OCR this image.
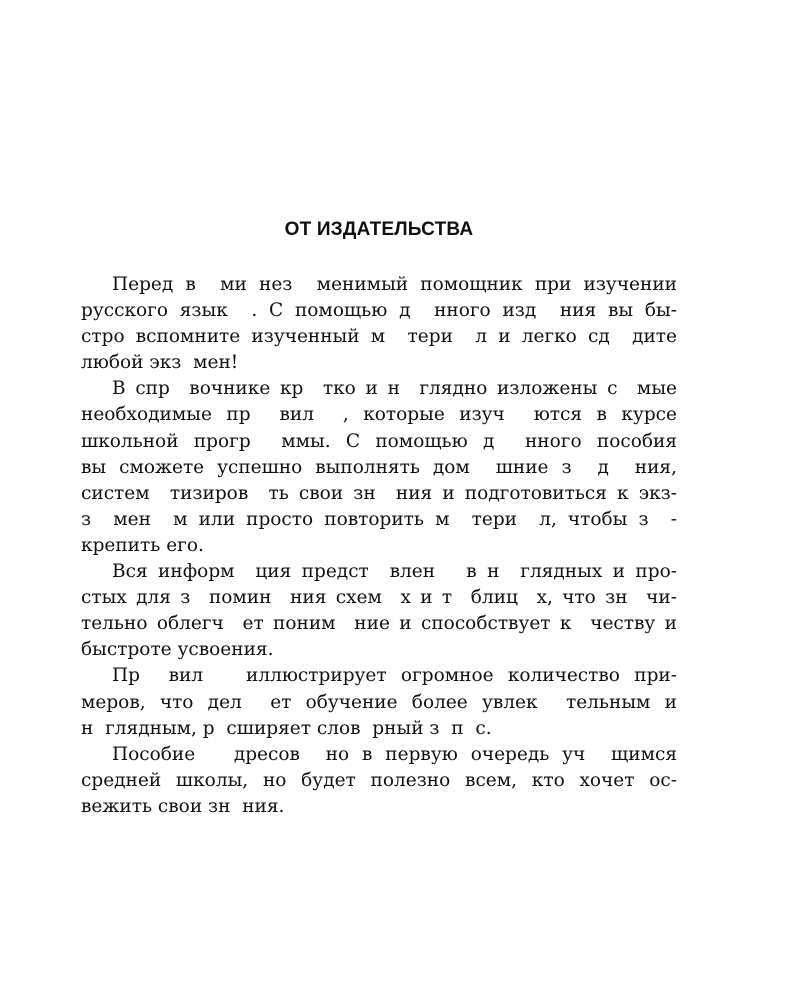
ОТ ИЗДАТЕЛЬСТВА
Перед в  ми нез  менимый помощник при изучении
русского язык  . С помощью д  нного изд  ния вы бы-
стро вспомните изученный м  тери  л и легко сд  дите
любой экз  мен!
В спр  вочнике кр  тко и н  глядно изложены с  мые
необходимые пр  вил  , которые изуч  ются в курсе
школьной прогр  ммы. С помощью д  нного пособия
вы сможете успешно выполнять дом  шние з  д  ния,
систем  тизиров  ть свои зн  ния и подготовиться к экз-
з  мен  м или просто повторить м  тери  л, чтобы з  -
крепить его.
Вся информ  ция предст  влен   в н  глядных и про-
стых для з  помин  ния схем  х и т  блиц  х, что зн  чи-
тельно облегч  ет поним  ние и способствует к  честву и
быстроте усвоения.
Пр  вил   иллюстрирует огромное количество при-
меров, что дел  ет обучение более увлек  тельным и
н  глядным, р  сширяет слов  рный з  п  с.
Пособие   дресов  но в первую очередь уч  щимся
средней школы, но будет полезно всем, кто хочет ос-
вежить свои зн  ния.
